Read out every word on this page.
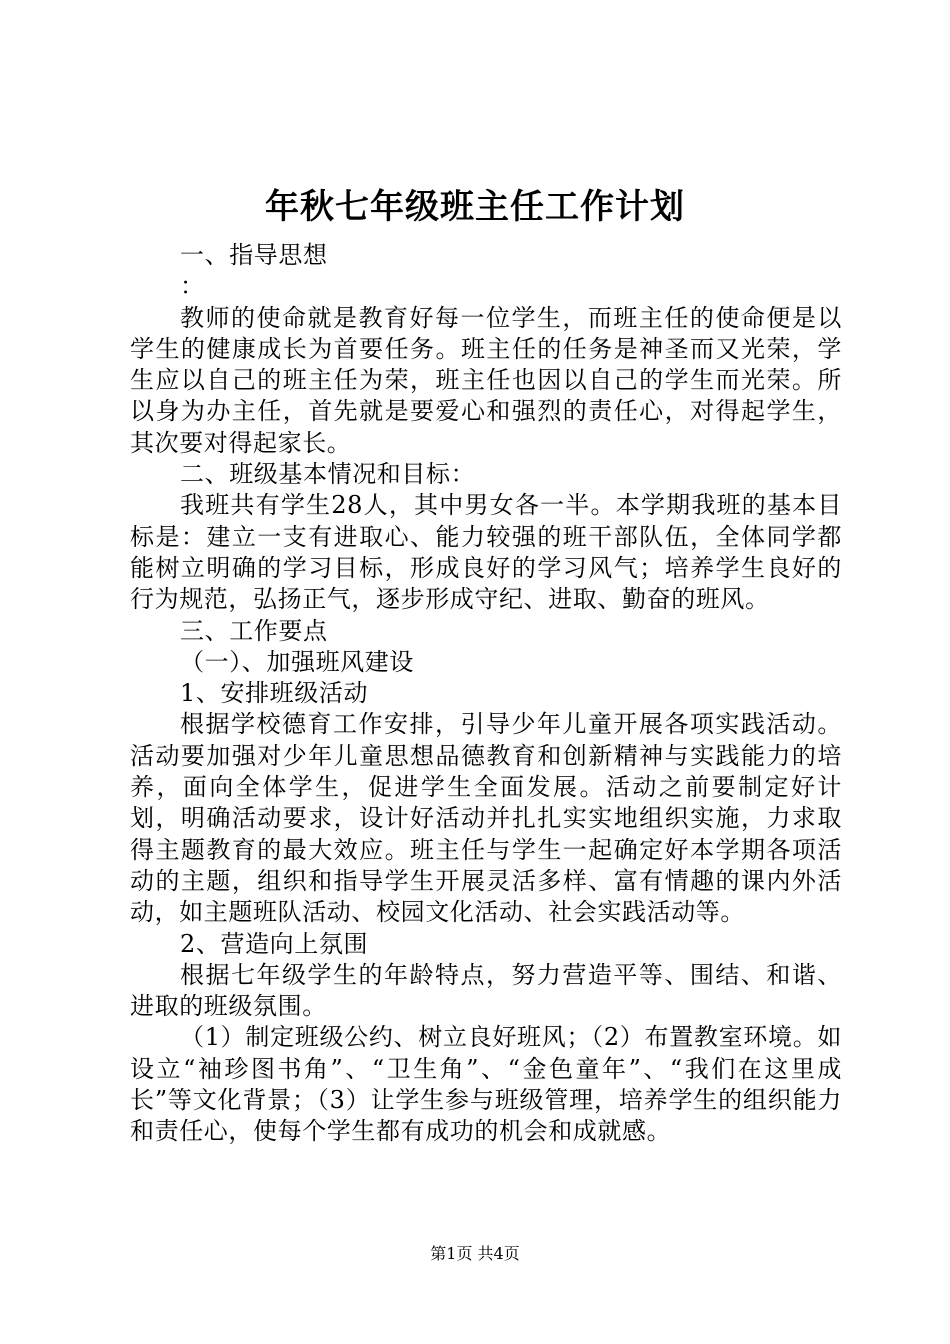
年秋七年级班主任工作计划

一、指导思想

：

教师的使命就是教育好每一位学生，而班主任的使命便是以学生的健康成长为首要任务。班主任的任务是神圣而又光荣，学生应以自己的班主任为荣，班主任也因以自己的学生而光荣。所以身为办主任，首先就是要爱心和强烈的责任心，对得起学生，其次要对得起家长。

二、班级基本情况和目标：

我班共有学生28人，其中男女各一半。本学期我班的基本目标是：建立一支有进取心、能力较强的班干部队伍，全体同学都能树立明确的学习目标，形成良好的学习风气；培养学生良好的行为规范，弘扬正气，逐步形成守纪、进取、勤奋的班风。

三、工作要点

（一）、加强班风建设

1、安排班级活动

根据学校德育工作安排，引导少年儿童开展各项实践活动。活动要加强对少年儿童思想品德教育和创新精神与实践能力的培养，面向全体学生，促进学生全面发展。活动之前要制定好计划，明确活动要求，设计好活动并扎扎实实地组织实施，力求取得主题教育的最大效应。班主任与学生一起确定好本学期各项活动的主题，组织和指导学生开展灵活多样、富有情趣的课内外活动，如主题班队活动、校园文化活动、社会实践活动等。

2、营造向上氛围

根据七年级学生的年龄特点，努力营造平等、围结、和谐、进取的班级氛围。

（1）制定班级公约、树立良好班风；（2）布置教室环境。如设立“袖珍图书角”、“卫生角”、“金色童年”、“我们在这里成长”等文化背景；（3）让学生参与班级管理，培养学生的组织能力和责任心，使每个学生都有成功的机会和成就感。

第1页 共4页
